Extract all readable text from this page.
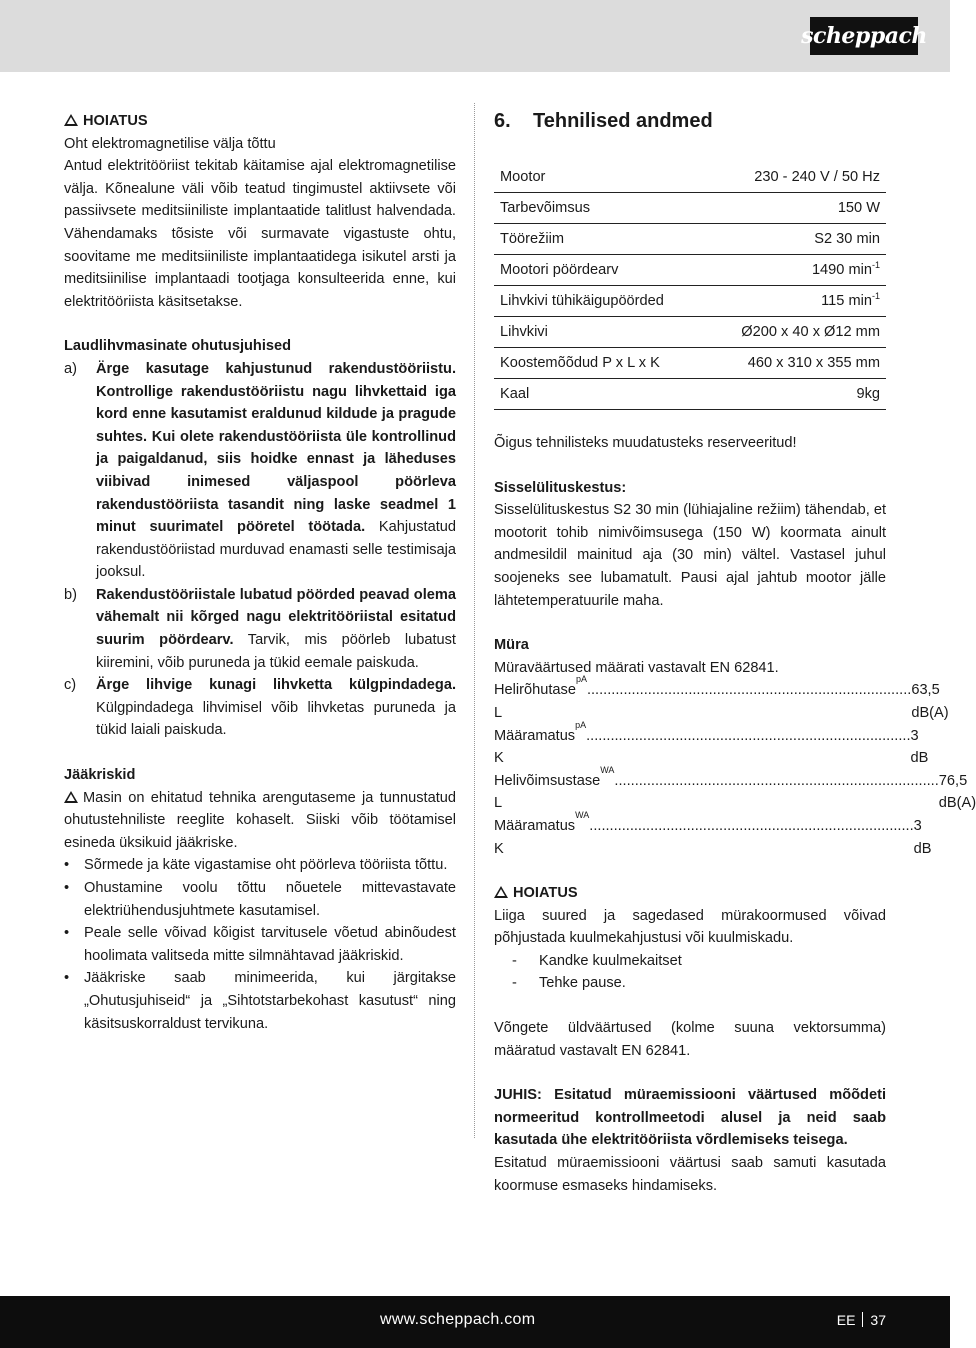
scheppach

HOIATUS

Oht elektromagnetilise välja tõttu

Antud elektritööriist tekitab käitamise ajal elektromagnetilise välja. Kõnealune väli võib teatud tingimustel aktiivsete või passiivsete meditsiiniliste implantaatide talitlust halvendada. Vähendamaks tõsiste või surmavate vigastuste ohtu, soovitame me meditsiiniliste implantaatidega isikutel arsti ja meditsiinilise implantaadi tootjaga konsulteerida enne, kui elektritööriista käsitsetakse.

Laudlihvmasinate ohutusjuhised

a)	Ärge kasutage kahjustunud rakendustööriistu. Kontrollige rakendustööriistu nagu lihvkettaid iga kord enne kasutamist eraldunud kildude ja pragude suhtes. Kui olete rakendustööriista üle kontrollinud ja paigaldanud, siis hoidke ennast ja läheduses viibivad inimesed väljaspool pöörleva rakendustööriista tasandit ning laske seadmel 1 minut suurimatel pööretel töötada. Kahjustatud rakendustööriistad murduvad enamasti selle testimisaja jooksul.
b)	Rakendustööriistale lubatud pöörded peavad olema vähemalt nii kõrged nagu elektritööriistal esitatud suurim pöördearv. Tarvik, mis pöörleb lubatust kiiremini, võib puruneda ja tükid eemale paiskuda.
c)	Ärge lihvige kunagi lihvketta külgpindadega. Külgpindadega lihvimisel võib lihvketas puruneda ja tükid laiali paiskuda.

Jääkriskid

Masin on ehitatud tehnika arengutaseme ja tunnustatud ohutustehniliste reeglite kohaselt. Siiski võib töötamisel esineda üksikuid jääkriske.

•	Sõrmede ja käte vigastamise oht pöörleva tööriista tõttu.
•	Ohustamine voolu tõttu nõuetele mittevastavate elektriühendusjuhtmete kasutamisel.
•	Peale selle võivad kõigist tarvitusele võetud abinõudest hoolimata valitseda mitte silmnähtavad jääkriskid.
•	Jääkriske saab minimeerida, kui järgitakse „Ohutusjuhiseid“ ja „Sihtotstarbekohast kasutust“ ning käsitsuskorraldust tervikuna.
6. Tehnilised andmed
Mootor	230 - 240 V / 50 Hz
Tarbevõimsus	150 W
Töörežiim	S2 30 min
Mootori pöördearv	1490 $\min^{-1}$
Lihvkivi tühikäigupöörded	115 $\min^{-1}$
Lihvkivi	Ø200 x 40 x Ø12 mm
Koostemõõdud P x L x K	460 x 310 x 355 mm
Kaal	9kg

Õigus tehnilisteks muudatusteks reserveeritud!

Sisselülituskestus:

Sisselülituskestus S2 30 min (lühiajaline režiim) tähendab, et mootorit tohib nimivõimsusega (150 W) koormata ainult andmesildil mainitud aja (30 min) vältel. Vastasel juhul soojeneks see lubamatult. Pausi ajal jahtub mootor jälle lähtetemperatuurile maha.

Müra

Müraväärtused määrati vastavalt EN 62841.

Helirõhutase L
pA
................................................................................ 63,5 dB(A)
Määramatus K
pA
................................................................................ 3 dB
Helivõimsustase L
WA
................................................................................ 76,5 dB(A)
Määramatus K
WA
................................................................................ 3 dB

HOIATUS

Liiga suured ja sagedased mürakoormused võivad põhjustada kuulmekahjustusi või kuulmiskadu.

-	Kandke kuulmekaitset
-	Tehke pause.

Võngete üldväärtused (kolme suuna vektorsumma) määratud vastavalt EN 62841.

JUHIS: Esitatud müraemissiooni väärtused mõõdeti normeeritud kontrollmeetodi alusel ja neid saab kasutada ühe elektritööriista võrdlemiseks teisega.

Esitatud müraemissiooni väärtusi saab samuti kasutada koormuse esmaseks hindamiseks.

www.scheppach.com	EE 37
